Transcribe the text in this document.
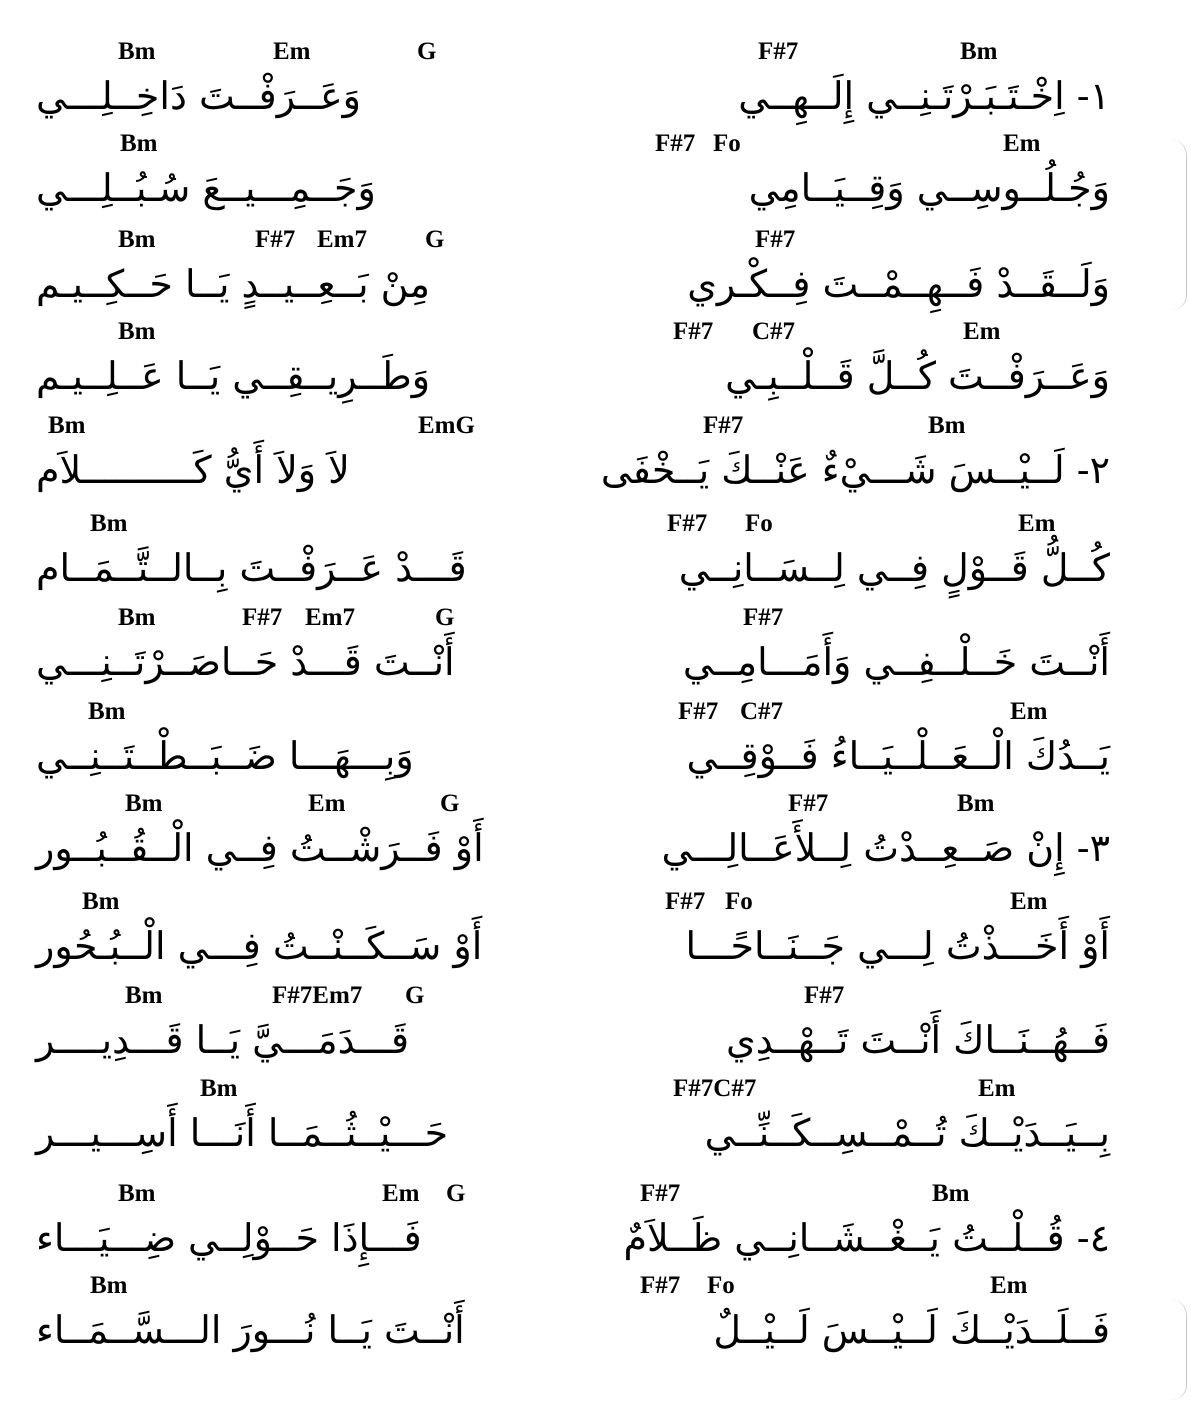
F#7	Bm
Bm	Em	G
١- اِخْـتَـبَـرْتَـنِــي إِلَــهِــي
وَعَــرَفْــتَ دَاخِــلِـــي
F#7 Fo	Em
Bm
وَجُـلُــوسِــي وَقِــيَــامِي
وَجَــمِـــيــعَ سُـبُــلِـــي
F#7
Bm	F#7 Em7 G
وَلَــقَــدْ فَــهِــمْــتَ فِــكْـري
مِنْ بَــعِــيــدٍ يَــا حَــكِــيـم
F#7 C#7	Em
Bm
وَعَــرَفْــتَ كُــلَّ قَــلْــبِـي
وَطَــرِيــقِــي يَــا عَــلِــيـم
F#7	Bm
Bm	EmG
٢- لَــيْــسَ شَـــيْءٌ عَنْــكَ يَــخْفَى
لاَ وَلاَ أَيُّ كَــــــــــلاَم
F#7 Fo	Em
Bm
كُــلُّ قَــوْلٍ فِــي لِــسَــانِــي
قَـــدْ عَــرَفْــتَ بِــالــتَّــمَــام
F#7
Bm	F#7 Em7	G
أَنْــتَ خَــلْــفِــي وَأَمَـــامِــي
أَنْــتَ قَـــدْ حَــاصَــرْتَــنِـــي
F#7 C#7	Em
Bm
يَــدُكَ الْــعَــلْــيَــاءُ فَــوْقِــي
وَبِـــهَـــا ضَــبَــطْــتَــنِــي
F#7	Bm
Bm	Em	G
٣- إِنْ صَــعِــدْتُ لِــلأَعَــالِـــي
أَوْ فَــرَشْــتُ فِــي الْــقُــبُــور
F#7 Fo	Em
Bm
أَوْ أَخَـــذْتُ لِـــي جَــنَــاحًـــا
أَوْ سَــكَــنْــتُ فِـــي الْــبُـحُور
F#7
Bm	F#7Em7 G
فَــهُــنَــاكَ أَنْــتَ تَــهْــدِي
قَـــدَمَـــيَّ يَــا قَـــدِيــــر
F#7C#7	Em
Bm
بِــيَــدَيْــكَ تُــمْــسِــكَــنِّــي
حَـــيْــثُــمَــا أَنَـــا أَسِـــيـــر
F#7	Bm
Bm	Em G
٤- قُــلْــتُ يَــغْــشَــانِــي ظَــلاَمٌ
فَـــإِذَا حَــوْلِــي ضِـــيَـــاء
F#7 Fo	Em
Bm
فَــلَــدَيْــكَ لَــيْــسَ لَــيْــلٌ
أَنْــتَ يَــا نُـــورَ الـــسَّــمَــاء
